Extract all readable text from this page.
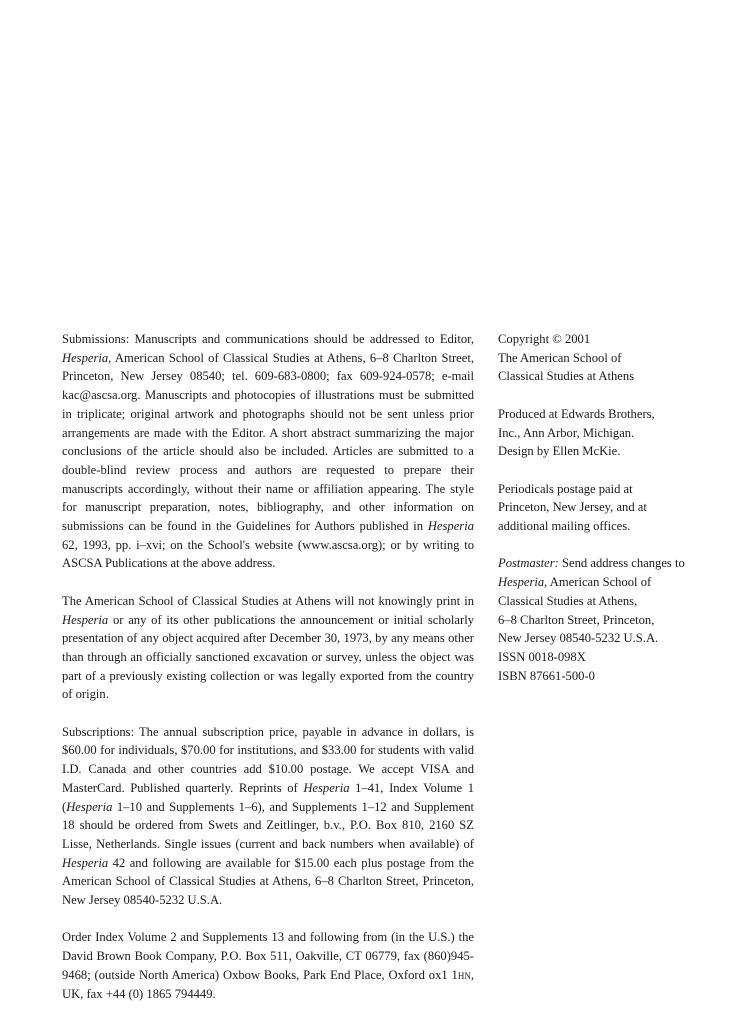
Submissions: Manuscripts and communications should be addressed to Editor, Hesperia, American School of Classical Studies at Athens, 6–8 Charlton Street, Princeton, New Jersey 08540; tel. 609-683-0800; fax 609-924-0578; e-mail kac@ascsa.org. Manuscripts and photocopies of illustrations must be submitted in triplicate; original artwork and photographs should not be sent unless prior arrangements are made with the Editor. A short abstract summarizing the major conclusions of the article should also be included. Articles are submitted to a double-blind review process and authors are requested to prepare their manuscripts accordingly, without their name or affiliation appearing. The style for manuscript preparation, notes, bibliography, and other information on submissions can be found in the Guidelines for Authors published in Hesperia 62, 1993, pp. i–xvi; on the School's website (www.ascsa.org); or by writing to ASCSA Publications at the above address.

The American School of Classical Studies at Athens will not knowingly print in Hesperia or any of its other publications the announcement or initial scholarly presentation of any object acquired after December 30, 1973, by any means other than through an officially sanctioned excavation or survey, unless the object was part of a previously existing collection or was legally exported from the country of origin.

Subscriptions: The annual subscription price, payable in advance in dollars, is $60.00 for individuals, $70.00 for institutions, and $33.00 for students with valid I.D. Canada and other countries add $10.00 postage. We accept VISA and MasterCard. Published quarterly. Reprints of Hesperia 1–41, Index Volume 1 (Hesperia 1–10 and Supplements 1–6), and Supplements 1–12 and Supplement 18 should be ordered from Swets and Zeitlinger, b.v., P.O. Box 810, 2160 SZ Lisse, Netherlands. Single issues (current and back numbers when available) of Hesperia 42 and following are available for $15.00 each plus postage from the American School of Classical Studies at Athens, 6–8 Charlton Street, Princeton, New Jersey 08540-5232 U.S.A.

Order Index Volume 2 and Supplements 13 and following from (in the U.S.) the David Brown Book Company, P.O. Box 511, Oakville, CT 06779, fax (860)945-9468; (outside North America) Oxbow Books, Park End Place, Oxford ox1 1hn, UK, fax +44 (0) 1865 794449.

Copyright © 2001
The American School of
Classical Studies at Athens
Produced at Edwards Brothers,
Inc., Ann Arbor, Michigan.
Design by Ellen McKie.
Periodicals postage paid at
Princeton, New Jersey, and at
additional mailing offices.
Postmaster: Send address changes to
Hesperia, American School of
Classical Studies at Athens,
6–8 Charlton Street, Princeton,
New Jersey 08540-5232 U.S.A.
ISSN 0018-098X
ISBN 87661-500-0
